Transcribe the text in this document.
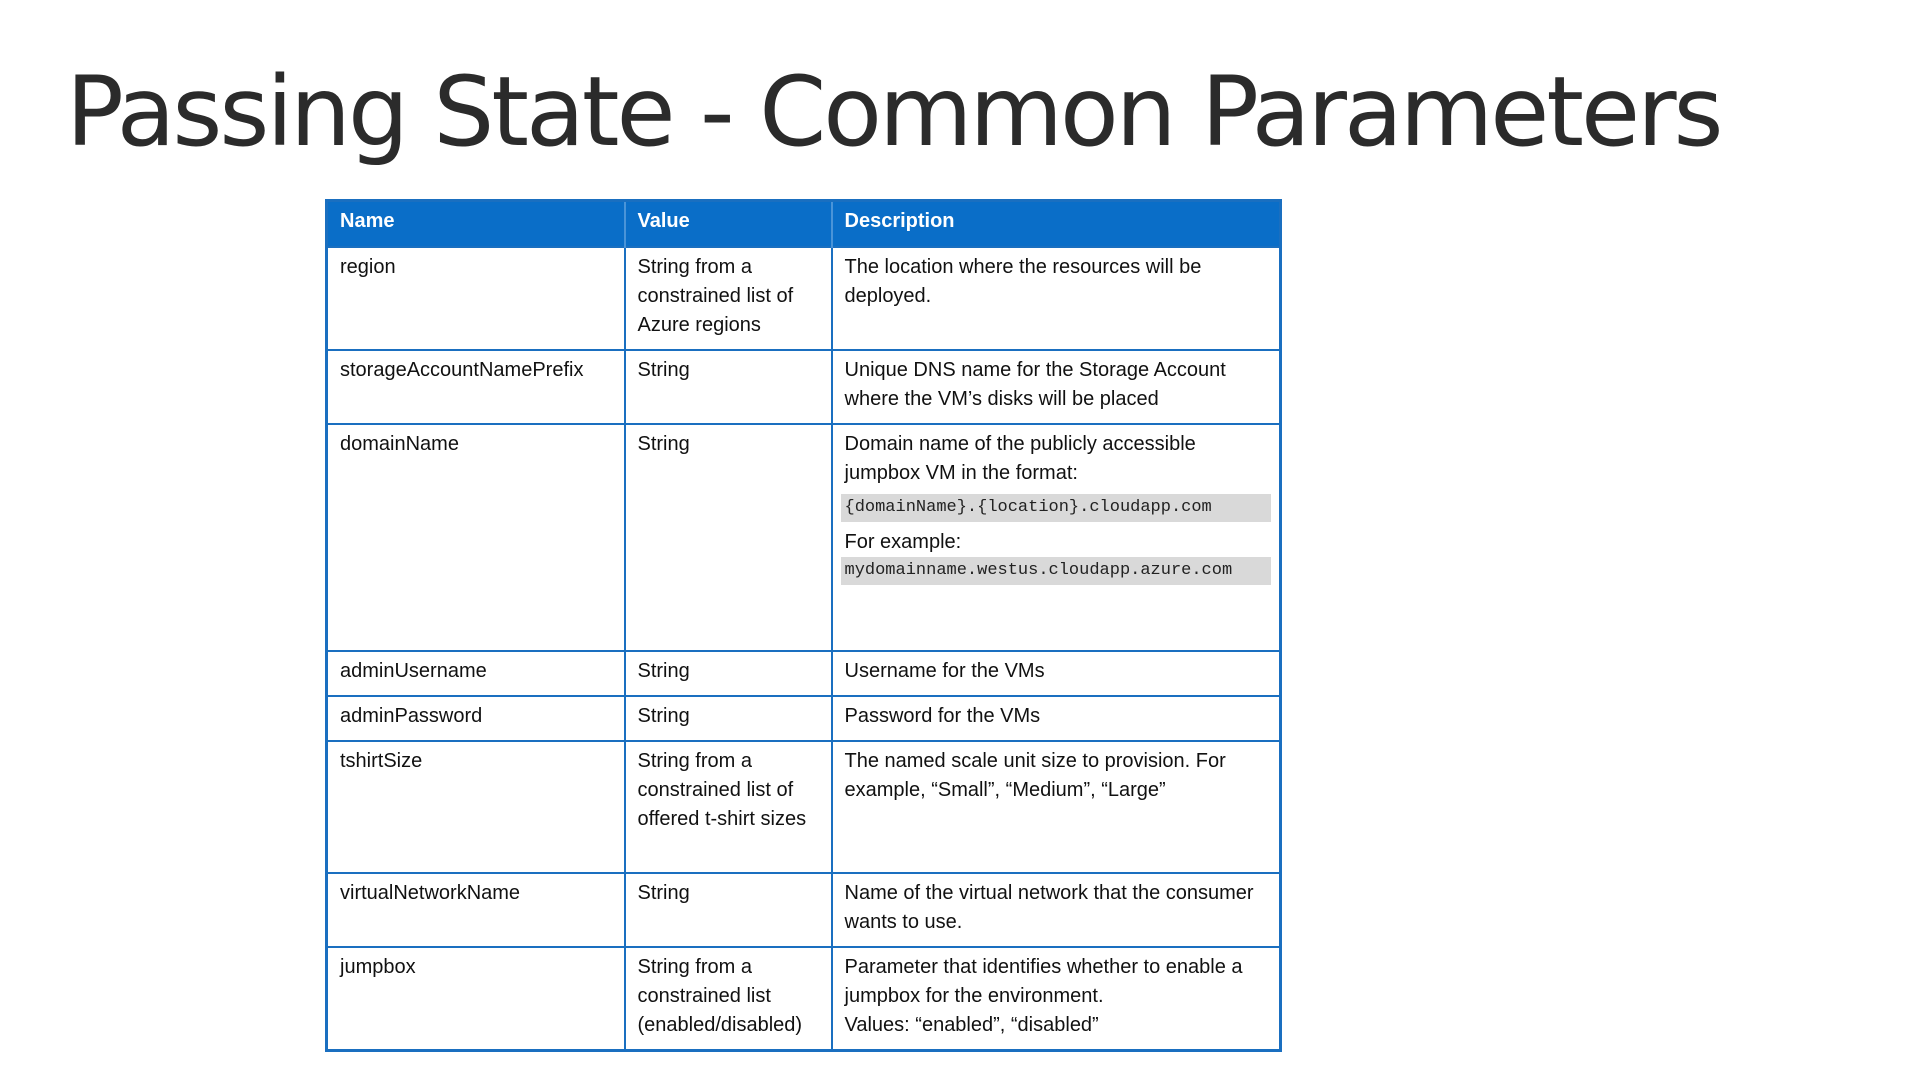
Passing State - Common Parameters
Name	Value	Description
region	String from a constrained list of Azure regions	The location where the resources will be deployed.
storageAccountNamePrefix	String	Unique DNS name for the Storage Account where the VM’s disks will be placed
domainName	String	Domain name of the publicly accessible jumpbox VM in the format:
{domainName}.{location}.cloudapp.com
For example:
mydomainname.westus.cloudapp.azure.com

adminUsername	String	Username for the VMs
adminPassword	String	Password for the VMs
tshirtSize	String from a constrained list of offered t-shirt sizes	The named scale unit size to provision. For example, “Small”, “Medium”, “Large”
virtualNetworkName	String	Name of the virtual network that the consumer wants to use.
jumpbox	String from a constrained list (enabled/disabled)	Parameter that identifies whether to enable a jumpbox for the environment.
Values: “enabled”, “disabled”
